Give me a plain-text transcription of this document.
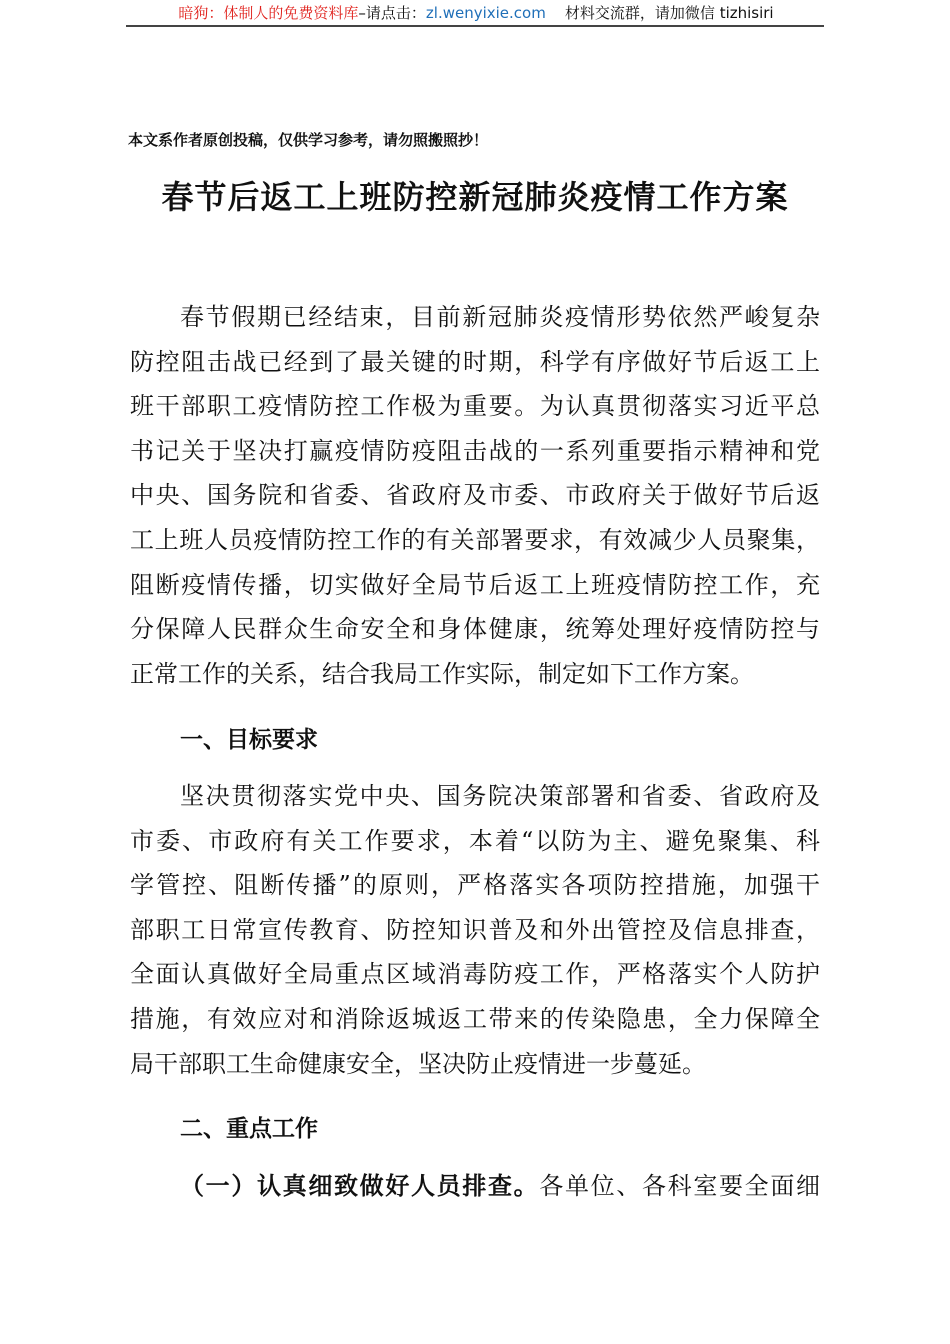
暗狗：体制人的免费资料库–请点击：zl.wenyixie.com 材料交流群，请加微信 tizhisiri
本文系作者原创投稿，仅供学习参考，请勿照搬照抄！
春节后返工上班防控新冠肺炎疫情工作方案
春节假期已经结束，目前新冠肺炎疫情形势依然严峻复杂
防控阻击战已经到了最关键的时期，科学有序做好节后返工上
班干部职工疫情防控工作极为重要。为认真贯彻落实习近平总
书记关于坚决打赢疫情防疫阻击战的一系列重要指示精神和党
中央、国务院和省委、省政府及市委、市政府关于做好节后返
工上班人员疫情防控工作的有关部署要求，有效减少人员聚集，
阻断疫情传播，切实做好全局节后返工上班疫情防控工作，充
分保障人民群众生命安全和身体健康，统筹处理好疫情防控与
正常工作的关系，结合我局工作实际，制定如下工作方案。
一、目标要求
坚决贯彻落实党中央、国务院决策部署和省委、省政府及
市委、市政府有关工作要求，本着“以防为主、避免聚集、科
学管控、阻断传播”的原则，严格落实各项防控措施，加强干
部职工日常宣传教育、防控知识普及和外出管控及信息排查，
全面认真做好全局重点区域消毒防疫工作，严格落实个人防护
措施，有效应对和消除返城返工带来的传染隐患，全力保障全
局干部职工生命健康安全，坚决防止疫情进一步蔓延。
二、重点工作
（一）认真细致做好人员排查。各单位、各科室要全面细
